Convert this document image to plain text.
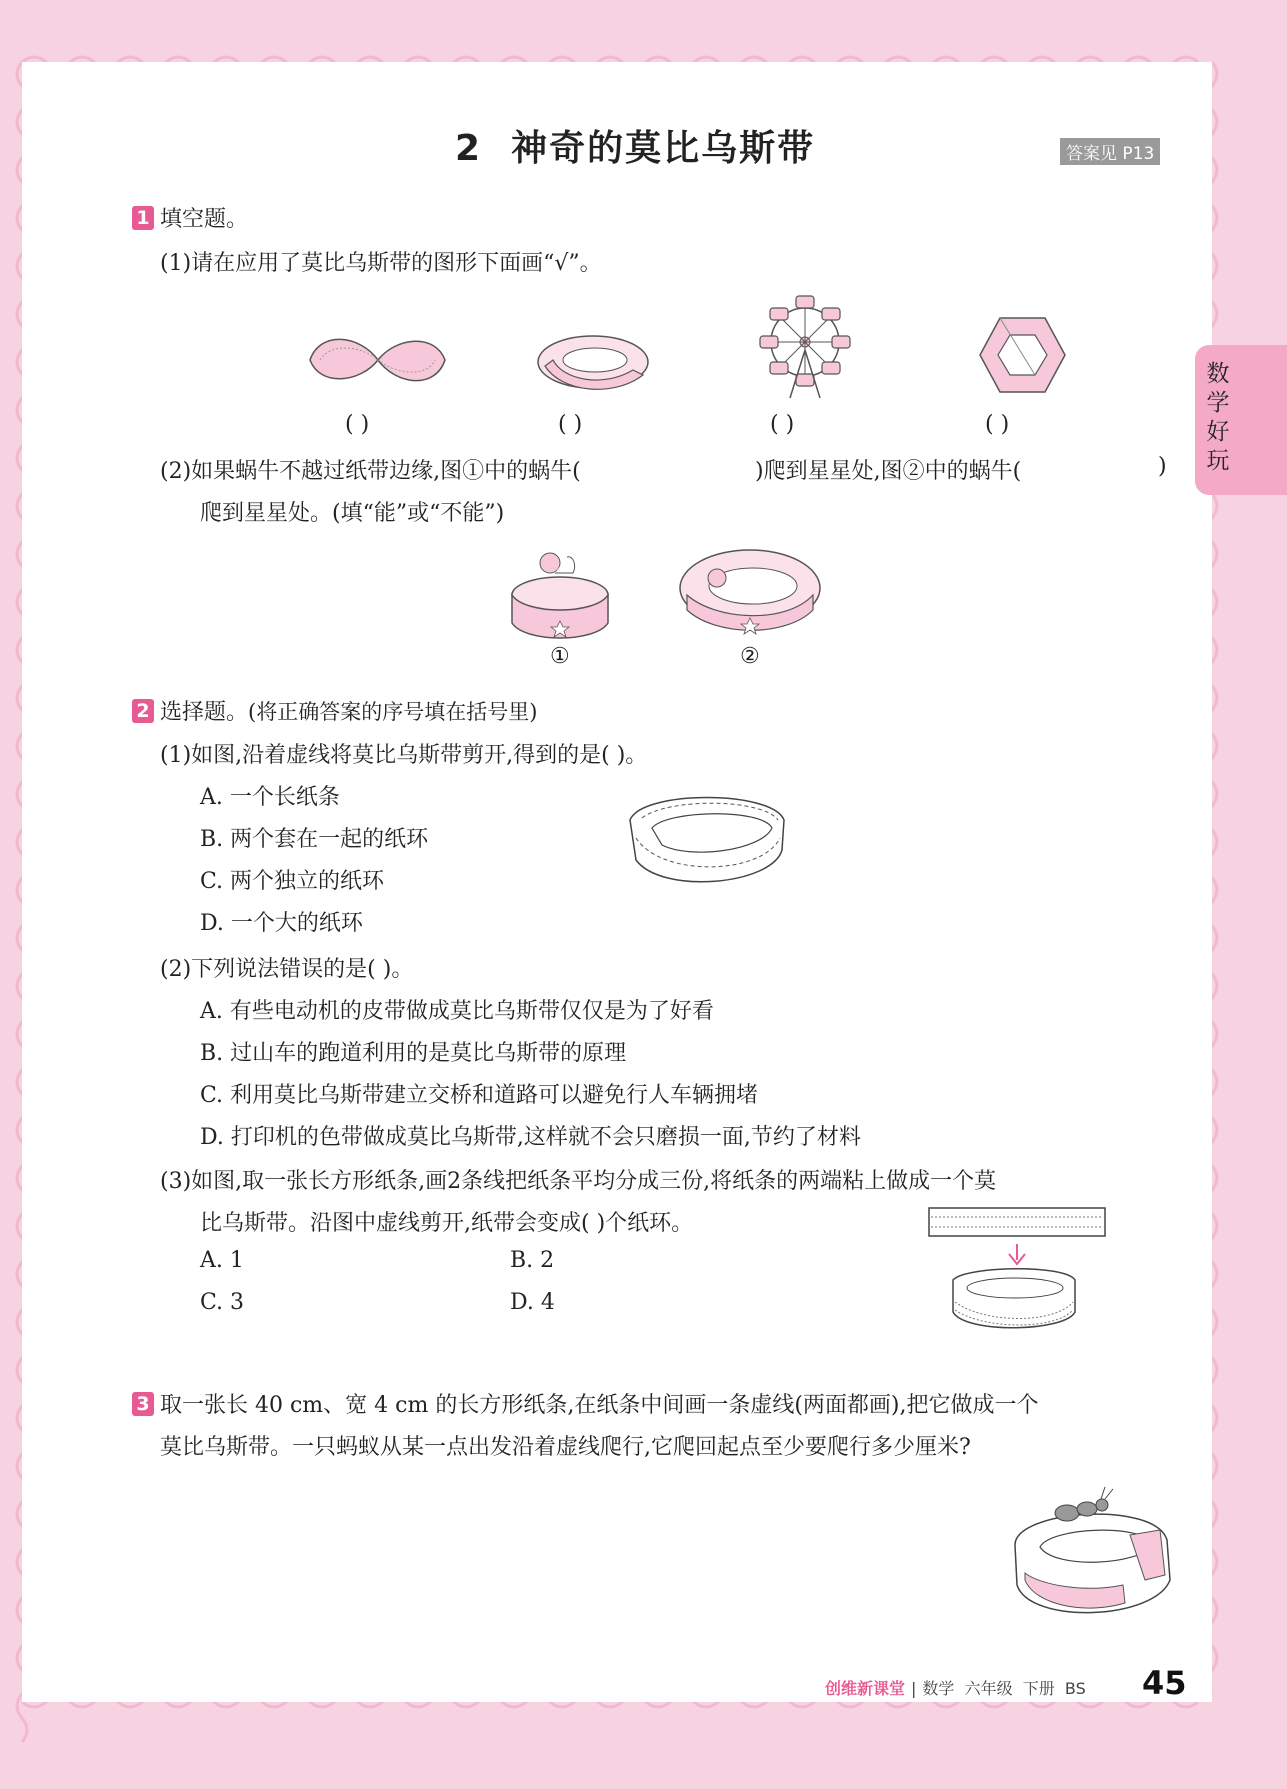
数学好玩
2  神奇的莫比乌斯带	答案见 P13
1 填空题。
(1)请在应用了莫比乌斯带的图形下面画“√”。
( )	( )	( )	( )
(2)如果蜗牛不越过纸带边缘,图①中的蜗牛(	)爬到星星处,图②中的蜗牛(	)
爬到星星处。(填“能”或“不能”)
①	②
2 选择题。(将正确答案的序号填在括号里)
(1)如图,沿着虚线将莫比乌斯带剪开,得到的是( )。
A. 一个长纸条
B. 两个套在一起的纸环
C. 两个独立的纸环
D. 一个大的纸环
(2)下列说法错误的是( )。
A. 有些电动机的皮带做成莫比乌斯带仅仅是为了好看
B. 过山车的跑道利用的是莫比乌斯带的原理
C. 利用莫比乌斯带建立交桥和道路可以避免行人车辆拥堵
D. 打印机的色带做成莫比乌斯带,这样就不会只磨损一面,节约了材料
(3)如图,取一张长方形纸条,画2条线把纸条平均分成三份,将纸条的两端粘上做成一个莫
比乌斯带。沿图中虚线剪开,纸带会变成( )个纸环。
A. 1	B. 2
C. 3	D. 4
3 取一张长 40 cm、宽 4 cm 的长方形纸条,在纸条中间画一条虚线(两面都画),把它做成一个
莫比乌斯带。一只蚂蚁从某一点出发沿着虚线爬行,它爬回起点至少要爬行多少厘米?
创维新课堂 | 数学  六年级  下册  BS 45
